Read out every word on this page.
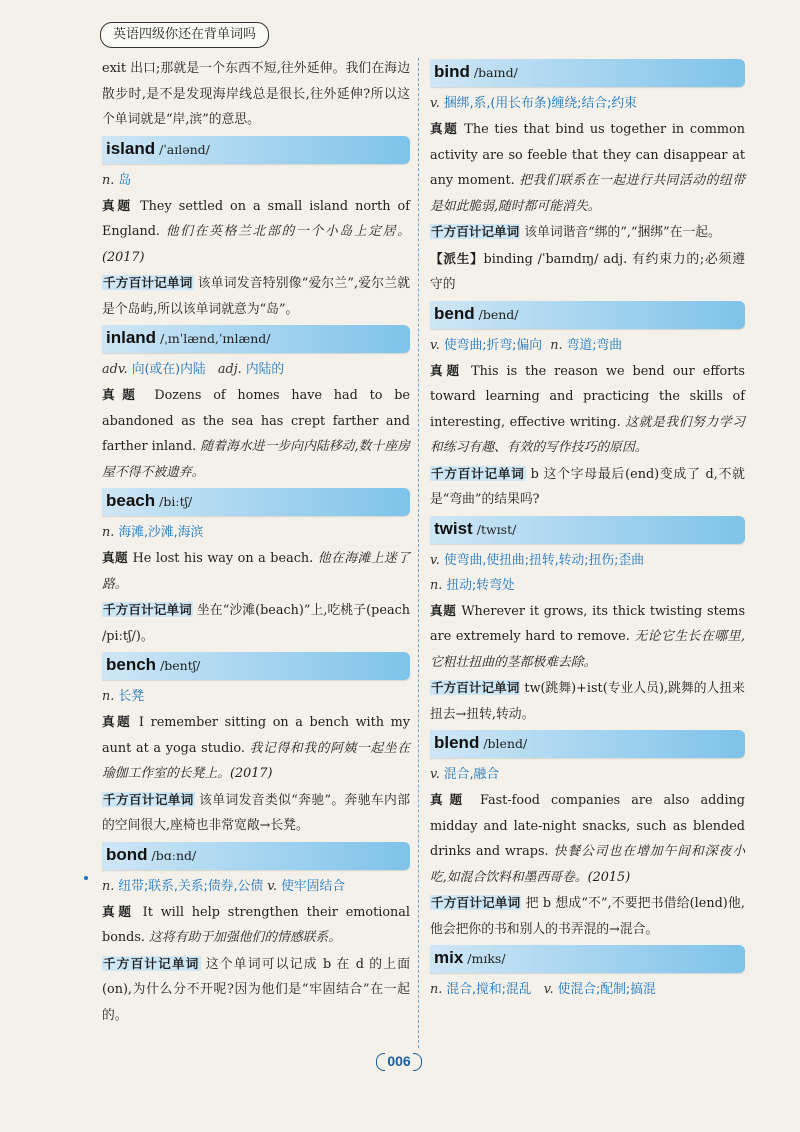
英语四级你还在背单词吗

exit 出口;那就是一个东西不短,往外延伸。我们在海边散步时,是不是发现海岸线总是很长,往外延伸?所以这个单词就是“岸,滨”的意思。

island /ˈaɪlənd/

n. 岛

真题 They settled on a small island north of England. 他们在英格兰北部的一个小岛上定居。(2017)

千方百计记单词 该单词发音特别像“爱尔兰”,爱尔兰就是个岛屿,所以该单词就意为“岛”。

inland /ˌɪnˈlænd,ˈɪnlænd/

adv. 向(或在)内陆 adj. 内陆的

真题 Dozens of homes have had to be abandoned as the sea has crept farther and farther inland. 随着海水进一步向内陆移动,数十座房屋不得不被遗弃。

beach /biːtʃ/

n. 海滩,沙滩,海滨

真题 He lost his way on a beach. 他在海滩上迷了路。

千方百计记单词 坐在“沙滩(beach)”上,吃桃子(peach /piːtʃ/)。

bench /bentʃ/

n. 长凳

真题 I remember sitting on a bench with my aunt at a yoga studio. 我记得和我的阿姨一起坐在瑜伽工作室的长凳上。(2017)

千方百计记单词 该单词发音类似“奔驰”。奔驰车内部的空间很大,座椅也非常宽敞→长凳。

bond /bɑːnd/

n. 纽带;联系,关系;债券,公债 v. 使牢固结合

真题 It will help strengthen their emotional bonds. 这将有助于加强他们的情感联系。

千方百计记单词 这个单词可以记成 b 在 d 的上面(on),为什么分不开呢?因为他们是“牢固结合”在一起的。

bind /baɪnd/

v. 捆绑,系,(用长布条)缠绕;结合;约束

真题 The ties that bind us together in common activity are so feeble that they can disappear at any moment. 把我们联系在一起进行共同活动的纽带是如此脆弱,随时都可能消失。

千方百计记单词 该单词谐音“绑的”,“捆绑”在一起。

【派生】binding /ˈbaɪndɪŋ/ adj. 有约束力的;必须遵守的

bend /bend/

v. 使弯曲;折弯;偏向 n. 弯道;弯曲

真题 This is the reason we bend our efforts toward learning and practicing the skills of interesting, effective writing. 这就是我们努力学习和练习有趣、有效的写作技巧的原因。

千方百计记单词 b 这个字母最后(end)变成了 d,不就是“弯曲”的结果吗?

twist /twɪst/

v. 使弯曲,使扭曲;扭转,转动;扭伤;歪曲

n. 扭动;转弯处

真题 Wherever it grows, its thick twisting stems are extremely hard to remove. 无论它生长在哪里,它粗壮扭曲的茎都极难去除。

千方百计记单词 tw(跳舞)+ist(专业人员),跳舞的人扭来扭去→扭转,转动。

blend /blend/

v. 混合,融合

真题 Fast-food companies are also adding midday and late-night snacks, such as blended drinks and wraps. 快餐公司也在增加午间和深夜小吃,如混合饮料和墨西哥卷。(2015)

千方百计记单词 把 b 想成“不”,不要把书借给(lend)他,他会把你的书和别人的书弄混的→混合。

mix /mɪks/

n. 混合,搅和;混乱 v. 使混合;配制;搞混

006
